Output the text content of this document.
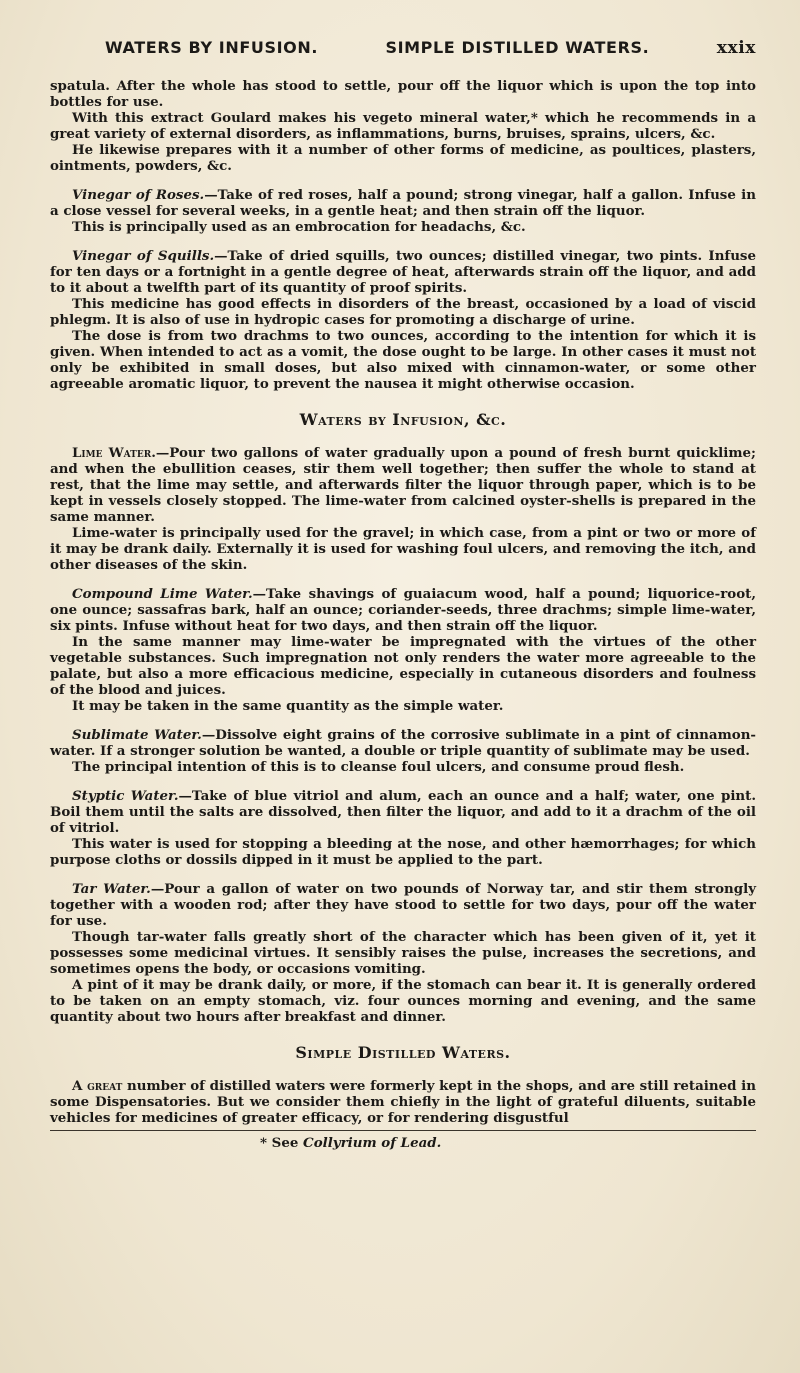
WATERS BY INFUSION.	SIMPLE DISTILLED WATERS.	xxix

spatula. After the whole has stood to settle, pour off the liquor which is upon the top into bottles for use.

With this extract Goulard makes his vegeto mineral water,* which he recommends in a great variety of external disorders, as inflammations, burns, bruises, sprains, ulcers, &c.

He likewise prepares with it a number of other forms of medicine, as poultices, plasters, ointments, powders, &c.

Vinegar of Roses.—Take of red roses, half a pound; strong vinegar, half a gallon. Infuse in a close vessel for several weeks, in a gentle heat; and then strain off the liquor.

This is principally used as an embrocation for headachs, &c.

Vinegar of Squills.—Take of dried squills, two ounces; distilled vinegar, two pints. Infuse for ten days or a fortnight in a gentle degree of heat, afterwards strain off the liquor, and add to it about a twelfth part of its quantity of proof spirits.

This medicine has good effects in disorders of the breast, occasioned by a load of viscid phlegm. It is also of use in hydropic cases for promoting a discharge of urine.

The dose is from two drachms to two ounces, according to the intention for which it is given. When intended to act as a vomit, the dose ought to be large. In other cases it must not only be exhibited in small doses, but also mixed with cinnamon-water, or some other agreeable aromatic liquor, to prevent the nausea it might otherwise occasion.

Waters by Infusion, &c.

Lime Water.—Pour two gallons of water gradually upon a pound of fresh burnt quicklime; and when the ebullition ceases, stir them well together; then suffer the whole to stand at rest, that the lime may settle, and afterwards filter the liquor through paper, which is to be kept in vessels closely stopped. The lime-water from calcined oyster-shells is prepared in the same manner.

Lime-water is principally used for the gravel; in which case, from a pint or two or more of it may be drank daily. Externally it is used for washing foul ulcers, and removing the itch, and other diseases of the skin.

Compound Lime Water.—Take shavings of guaiacum wood, half a pound; liquorice-root, one ounce; sassafras bark, half an ounce; coriander-seeds, three drachms; simple lime-water, six pints. Infuse without heat for two days, and then strain off the liquor.

In the same manner may lime-water be impregnated with the virtues of the other vegetable substances. Such impregnation not only renders the water more agreeable to the palate, but also a more efficacious medicine, especially in cutaneous disorders and foulness of the blood and juices.

It may be taken in the same quantity as the simple water.

Sublimate Water.—Dissolve eight grains of the corrosive sublimate in a pint of cinnamon-water. If a stronger solution be wanted, a double or triple quantity of sublimate may be used.

The principal intention of this is to cleanse foul ulcers, and consume proud flesh.

Styptic Water.—Take of blue vitriol and alum, each an ounce and a half; water, one pint. Boil them until the salts are dissolved, then filter the liquor, and add to it a drachm of the oil of vitriol.

This water is used for stopping a bleeding at the nose, and other hæmorrhages; for which purpose cloths or dossils dipped in it must be applied to the part.

Tar Water.—Pour a gallon of water on two pounds of Norway tar, and stir them strongly together with a wooden rod; after they have stood to settle for two days, pour off the water for use.

Though tar-water falls greatly short of the character which has been given of it, yet it possesses some medicinal virtues. It sensibly raises the pulse, increases the secretions, and sometimes opens the body, or occasions vomiting.

A pint of it may be drank daily, or more, if the stomach can bear it. It is generally ordered to be taken on an empty stomach, viz. four ounces morning and evening, and the same quantity about two hours after breakfast and dinner.

Simple Distilled Waters.

A great number of distilled waters were formerly kept in the shops, and are still retained in some Dispensatories. But we consider them chiefly in the light of grateful diluents, suitable vehicles for medicines of greater efficacy, or for rendering disgustful

* See Collyrium of Lead.
